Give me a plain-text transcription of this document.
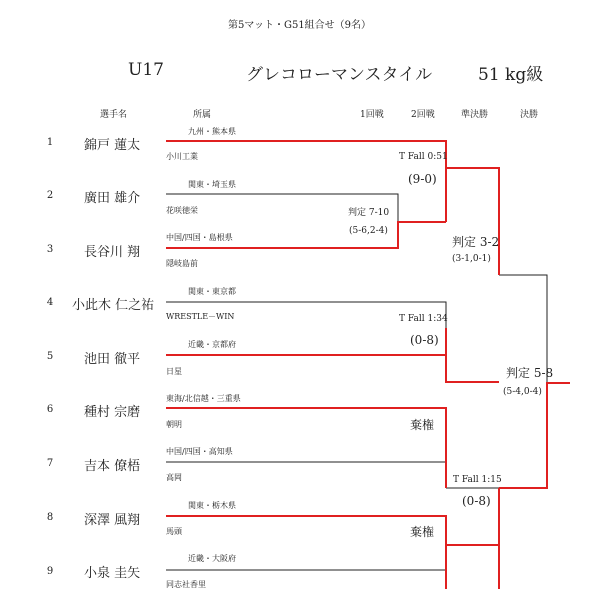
第5マット・G51組合せ（9名）
U17	グレコローマンスタイル	51 kg級
選手名	所属	1回戦	2回戦	準決勝	決勝
1 錦戸 蓮太
九州・熊本県
小川工業
2 廣田 雄介
関東・埼玉県
花咲徳栄
3 長谷川 翔
中国/四国・島根県
隠岐島前
4 小此木 仁之祐
関東・東京都
WRESTLE－WIN
5 池田 徹平
近畿・京都府
日星
6 種村 宗磨
東海/北信越・三重県
朝明
7 吉本 僚梧
中国/四国・高知県
高岡
8 深澤 風翔
関東・栃木県
馬頭
9 小泉 圭矢
近畿・大阪府
同志社香里
判定 7-10
(5-6,2-4)
T Fall 0:51
(9-0)
T Fall 1:34
(0-8)
棄権
棄権
判定 3-2
(3-1,0-1)
T Fall 1:15
(0-8)
判定 5-8
(5-4,0-4)
